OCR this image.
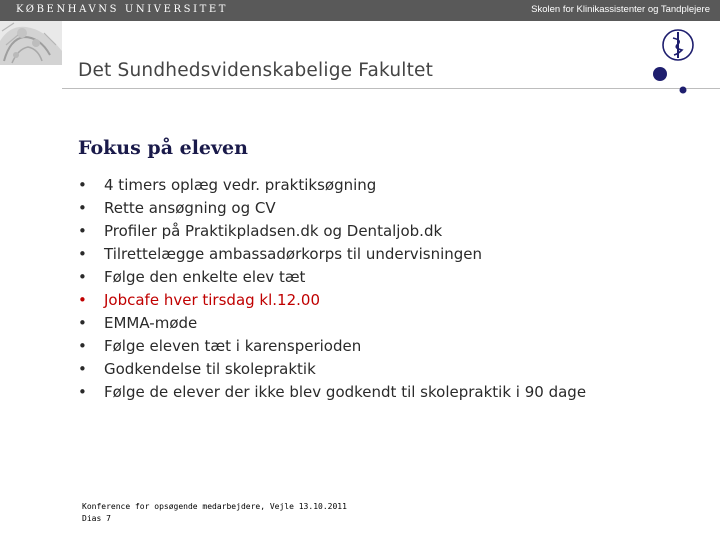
KØBENHAVNS UNIVERSITET	Skolen for Klinikassistenter og Tandplejere
Det Sundhedsvidenskabelige Fakultet
Fokus på eleven
•	4 timers oplæg vedr. praktiksøgning
•	Rette ansøgning og CV
•	Profiler på Praktikpladsen.dk og Dentaljob.dk
•	Tilrettelægge ambassadørkorps til undervisningen
•	Følge den enkelte elev tæt
•	Jobcafe hver tirsdag kl.12.00
•	EMMA-møde
•	Følge eleven tæt i karensperioden
•	Godkendelse til skolepraktik
•	Følge de elever der ikke blev godkendt til skolepraktik i 90 dage
Konference for opsøgende medarbejdere, Vejle 13.10.2011
Dias 7
